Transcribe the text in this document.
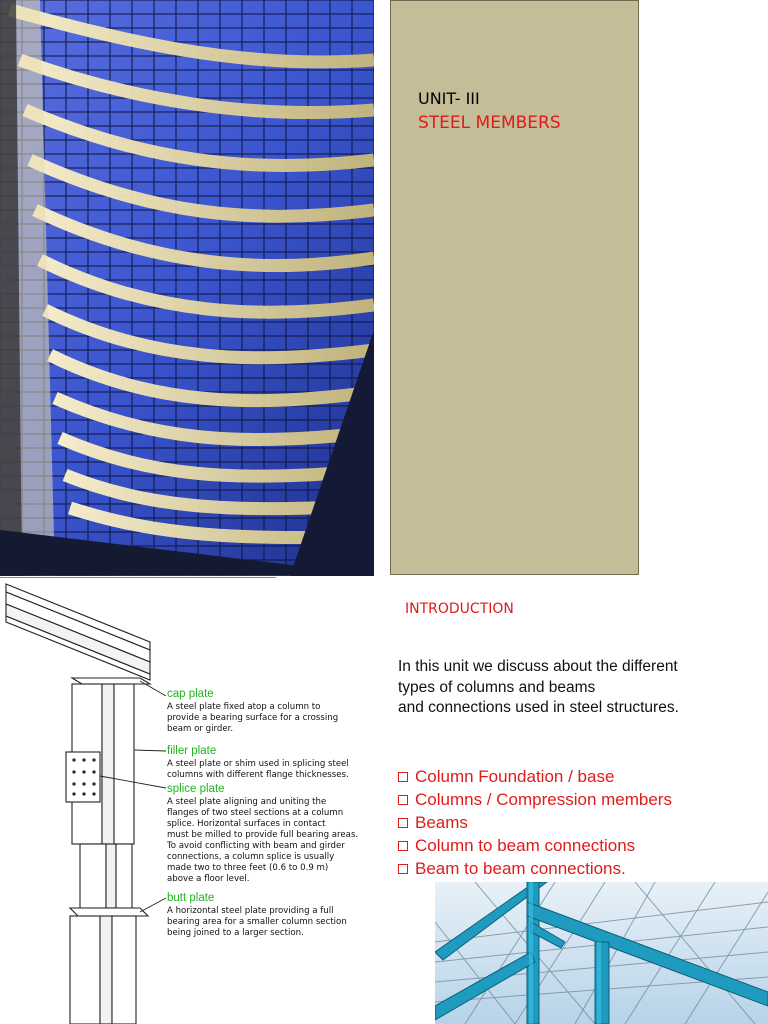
UNIT- III
STEEL MEMBERS
cap plate
A steel plate fixed atop a column to
provide a bearing surface for a crossing
beam or girder.
filler plate
A steel plate or shim used in splicing steel
columns with different flange thicknesses.
splice plate
A steel plate aligning and uniting the
flanges of two steel sections at a column
splice. Horizontal surfaces in contact
must be milled to provide full bearing areas.
To avoid conflicting with beam and girder
connections, a column splice is usually
made two to three feet (0.6 to 0.9 m)
above a floor level.
butt plate
A horizontal steel plate providing a full
bearing area for a smaller column section
being joined to a larger section.
INTRODUCTION
In this unit we discuss about the different
types of columns and beams
and connections used in steel structures.
Column Foundation / base
Columns / Compression members
Beams
Column to beam connections
Beam to beam connections.
